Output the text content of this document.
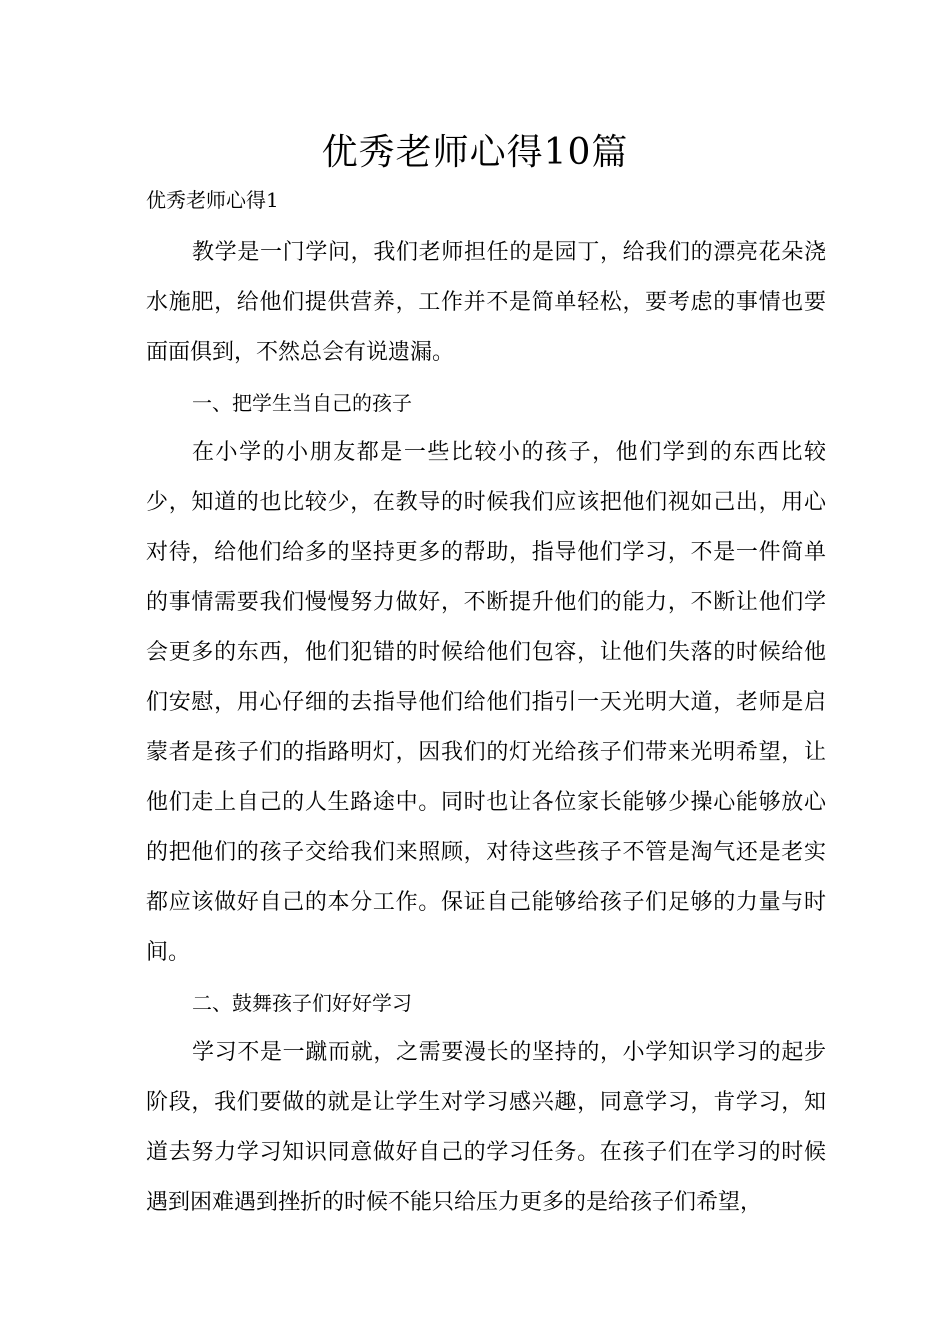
优秀老师心得10篇
优秀老师心得1

教学是一门学问，我们老师担任的是园丁，给我们的漂亮花朵浇水施肥，给他们提供营养，工作并不是简单轻松，要考虑的事情也要面面俱到，不然总会有说遗漏。

一、把学生当自己的孩子

在小学的小朋友都是一些比较小的孩子，他们学到的东西比较少，知道的也比较少，在教导的时候我们应该把他们视如己出，用心对待，给他们给多的坚持更多的帮助，指导他们学习，不是一件简单的事情需要我们慢慢努力做好，不断提升他们的能力，不断让他们学会更多的东西，他们犯错的时候给他们包容，让他们失落的时候给他们安慰，用心仔细的去指导他们给他们指引一天光明大道，老师是启蒙者是孩子们的指路明灯，因我们的灯光给孩子们带来光明希望，让他们走上自己的人生路途中。同时也让各位家长能够少操心能够放心的把他们的孩子交给我们来照顾，对待这些孩子不管是淘气还是老实都应该做好自己的本分工作。保证自己能够给孩子们足够的力量与时间。

二、鼓舞孩子们好好学习

学习不是一蹴而就，之需要漫长的坚持的，小学知识学习的起步阶段，我们要做的就是让学生对学习感兴趣，同意学习，肯学习，知道去努力学习知识同意做好自己的学习任务。在孩子们在学习的时候遇到困难遇到挫折的时候不能只给压力更多的是给孩子们希望，
